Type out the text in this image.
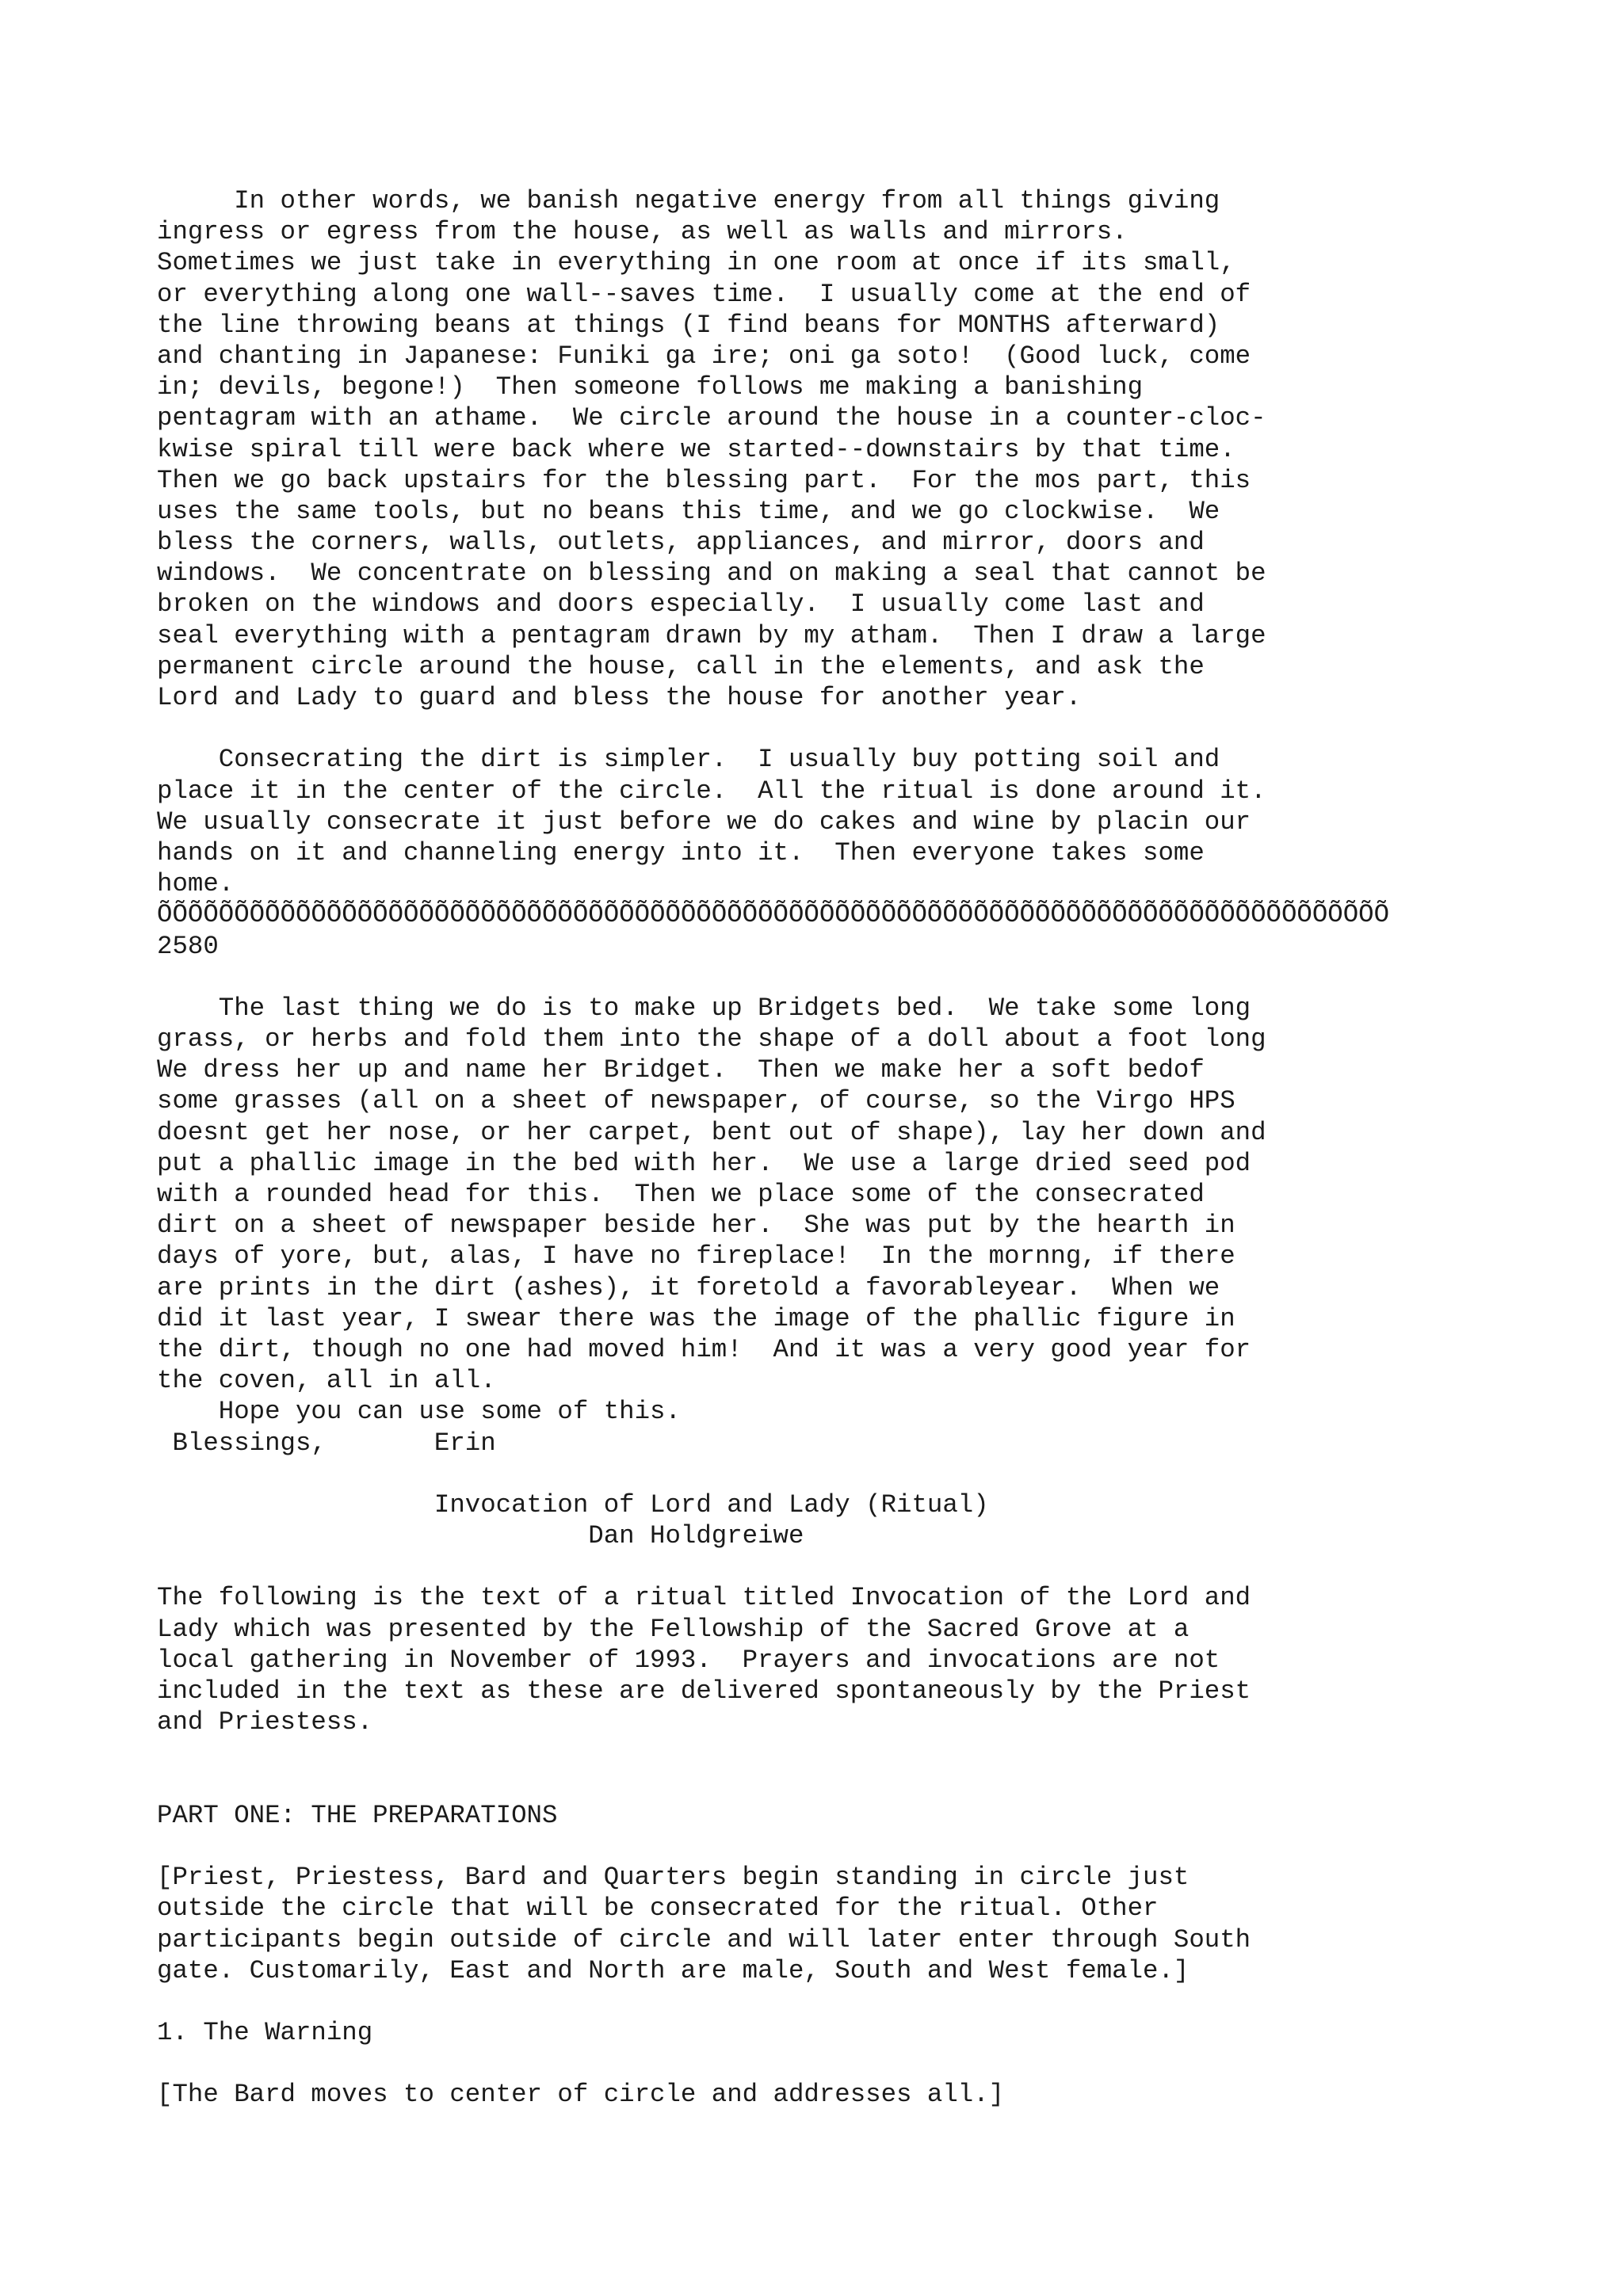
In other words, we banish negative energy from all things giving
ingress or egress from the house, as well as walls and mirrors.
Sometimes we just take in everything in one room at once if its small,
or everything along one wall--saves time.  I usually come at the end of
the line throwing beans at things (I find beans for MONTHS afterward)
and chanting in Japanese: Funiki ga ire; oni ga soto!  (Good luck, come
in; devils, begone!)  Then someone follows me making a banishing
pentagram with an athame.  We circle around the house in a counter-cloc-
kwise spiral till were back where we started--downstairs by that time.
Then we go back upstairs for the blessing part.  For the mos part, this
uses the same tools, but no beans this time, and we go clockwise.  We
bless the corners, walls, outlets, appliances, and mirror, doors and
windows.  We concentrate on blessing and on making a seal that cannot be
broken on the windows and doors especially.  I usually come last and
seal everything with a pentagram drawn by my atham.  Then I draw a large
permanent circle around the house, call in the elements, and ask the
Lord and Lady to guard and bless the house for another year.
Consecrating the dirt is simpler.  I usually buy potting soil and
place it in the center of the circle.  All the ritual is done around it.
We usually consecrate it just before we do cakes and wine by placin our
hands on it and channeling energy into it.  Then everyone takes some
home.
ÕÕÕÕÕÕÕÕÕÕÕÕÕÕÕÕÕÕÕÕÕÕÕÕÕÕÕÕÕÕÕÕÕÕÕÕÕÕÕÕÕÕÕÕÕÕÕÕÕÕÕÕÕÕÕÕÕÕÕÕÕÕÕÕÕÕÕÕÕÕÕÕÕÕÕÕÕÕÕÕ
2580
The last thing we do is to make up Bridgets bed.  We take some long
grass, or herbs and fold them into the shape of a doll about a foot long
We dress her up and name her Bridget.  Then we make her a soft bedof
some grasses (all on a sheet of newspaper, of course, so the Virgo HPS
doesnt get her nose, or her carpet, bent out of shape), lay her down and
put a phallic image in the bed with her.  We use a large dried seed pod
with a rounded head for this.  Then we place some of the consecrated
dirt on a sheet of newspaper beside her.  She was put by the hearth in
days of yore, but, alas, I have no fireplace!  In the mornng, if there
are prints in the dirt (ashes), it foretold a favorableyear.  When we
did it last year, I swear there was the image of the phallic figure in
the dirt, though no one had moved him!  And it was a very good year for
the coven, all in all.
Hope you can use some of this.
Blessings,       Erin
Invocation of Lord and Lady (Ritual)
Dan Holdgreiwe
The following is the text of a ritual titled Invocation of the Lord and
Lady which was presented by the Fellowship of the Sacred Grove at a
local gathering in November of 1993.  Prayers and invocations are not
included in the text as these are delivered spontaneously by the Priest
and Priestess.
PART ONE: THE PREPARATIONS
[Priest, Priestess, Bard and Quarters begin standing in circle just
outside the circle that will be consecrated for the ritual. Other
participants begin outside of circle and will later enter through South
gate. Customarily, East and North are male, South and West female.]
1. The Warning
[The Bard moves to center of circle and addresses all.]
